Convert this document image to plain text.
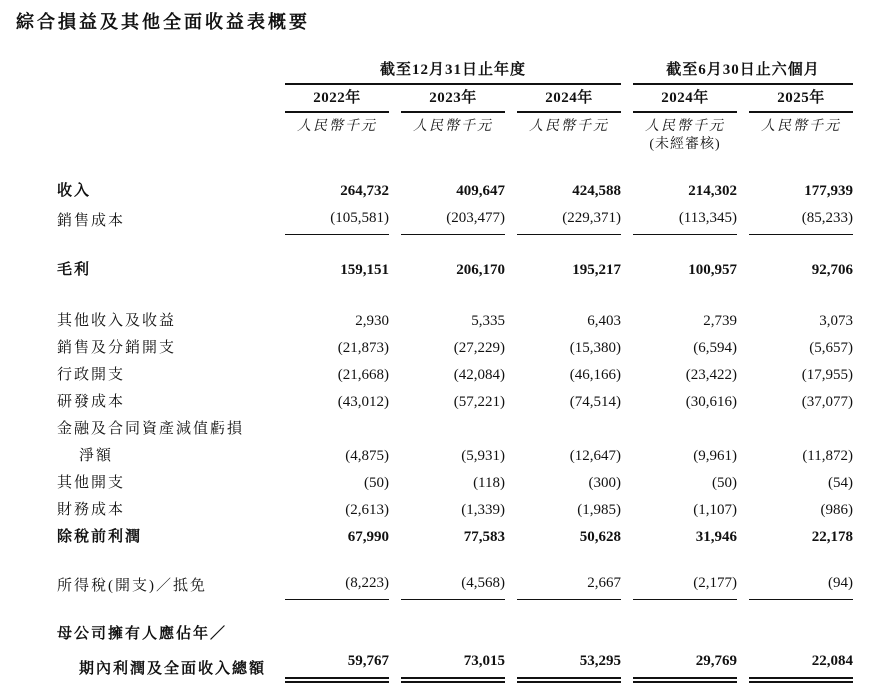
綜合損益及其他全面收益表概要
截至12月31日止年度	截至6月30日止六個月
2022年	2023年	2024年	2024年	2025年
人民幣千元	人民幣千元	人民幣千元	人民幣千元	人民幣千元
(未經審核)
收入	264,732	409,647	424,588	214,302	177,939
銷售成本	(105,581)	(203,477)	(229,371)	(113,345)	(85,233)
毛利	159,151	206,170	195,217	100,957	92,706
其他收入及收益	2,930	5,335	6,403	2,739	3,073
銷售及分銷開支	(21,873)	(27,229)	(15,380)	(6,594)	(5,657)
行政開支	(21,668)	(42,084)	(46,166)	(23,422)	(17,955)
研發成本	(43,012)	(57,221)	(74,514)	(30,616)	(37,077)
金融及合同資產減值虧損
淨額	(4,875)	(5,931)	(12,647)	(9,961)	(11,872)
其他開支	(50)	(118)	(300)	(50)	(54)
財務成本	(2,613)	(1,339)	(1,985)	(1,107)	(986)
除稅前利潤	67,990	77,583	50,628	31,946	22,178
所得稅(開支)／抵免	(8,223)	(4,568)	2,667	(2,177)	(94)
母公司擁有人應佔年／
期內利潤及全面收入總額	59,767	73,015	53,295	29,769	22,084
